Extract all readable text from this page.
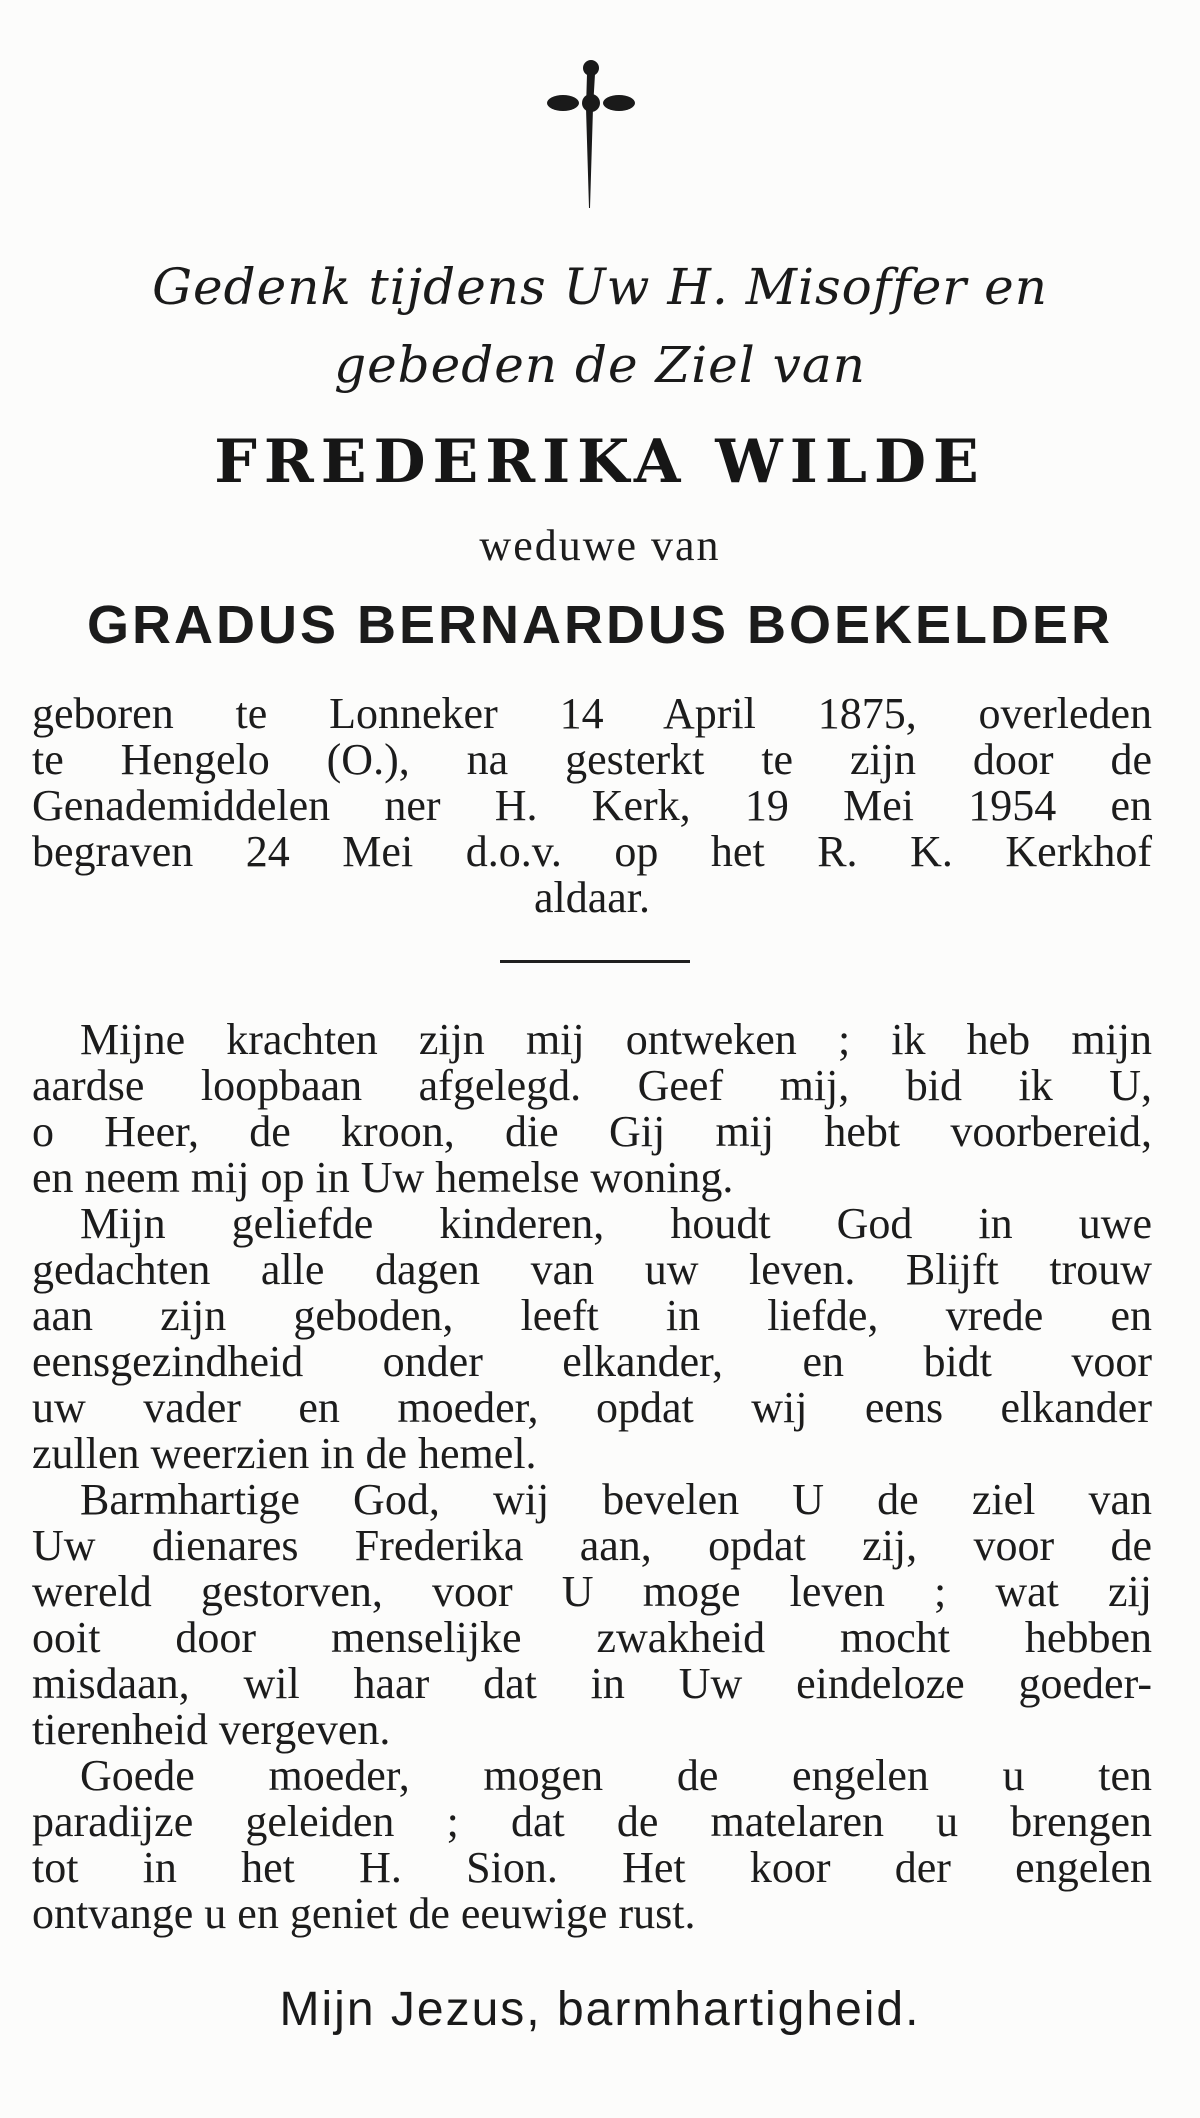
Gedenk tijdens Uw H. Misoffer en
gebeden de Ziel van
FREDERIKA WILDE
weduwe van
GRADUS BERNARDUS BOEKELDER
geboren te Lonneker 14 April 1875, overleden
te Hengelo (O.), na gesterkt te zijn door de
Genademiddelen ner H. Kerk, 19 Mei 1954 en
begraven 24 Mei d.o.v. op het R. K. Kerkhof
aldaar.
Mijne krachten zijn mij ontweken ; ik heb mijn
aardse loopbaan afgelegd. Geef mij, bid ik U,
o Heer, de kroon, die Gij mij hebt voorbereid,
en neem mij op in Uw hemelse woning.
Mijn geliefde kinderen, houdt God in uwe
gedachten alle dagen van uw leven. Blijft trouw
aan zijn geboden, leeft in liefde, vrede en
eensgezindheid onder elkander, en bidt voor
uw vader en moeder, opdat wij eens elkander
zullen weerzien in de hemel.
Barmhartige God, wij bevelen U de ziel van
Uw dienares Frederika aan, opdat zij, voor de
wereld gestorven, voor U moge leven ; wat zij
ooit door menselijke zwakheid mocht hebben
misdaan, wil haar dat in Uw eindeloze goeder-
tierenheid vergeven.
Goede moeder, mogen de engelen u ten
paradijze geleiden ; dat de matelaren u brengen
tot in het H. Sion. Het koor der engelen
ontvange u en geniet de eeuwige rust.
Mijn Jezus, barmhartigheid.
